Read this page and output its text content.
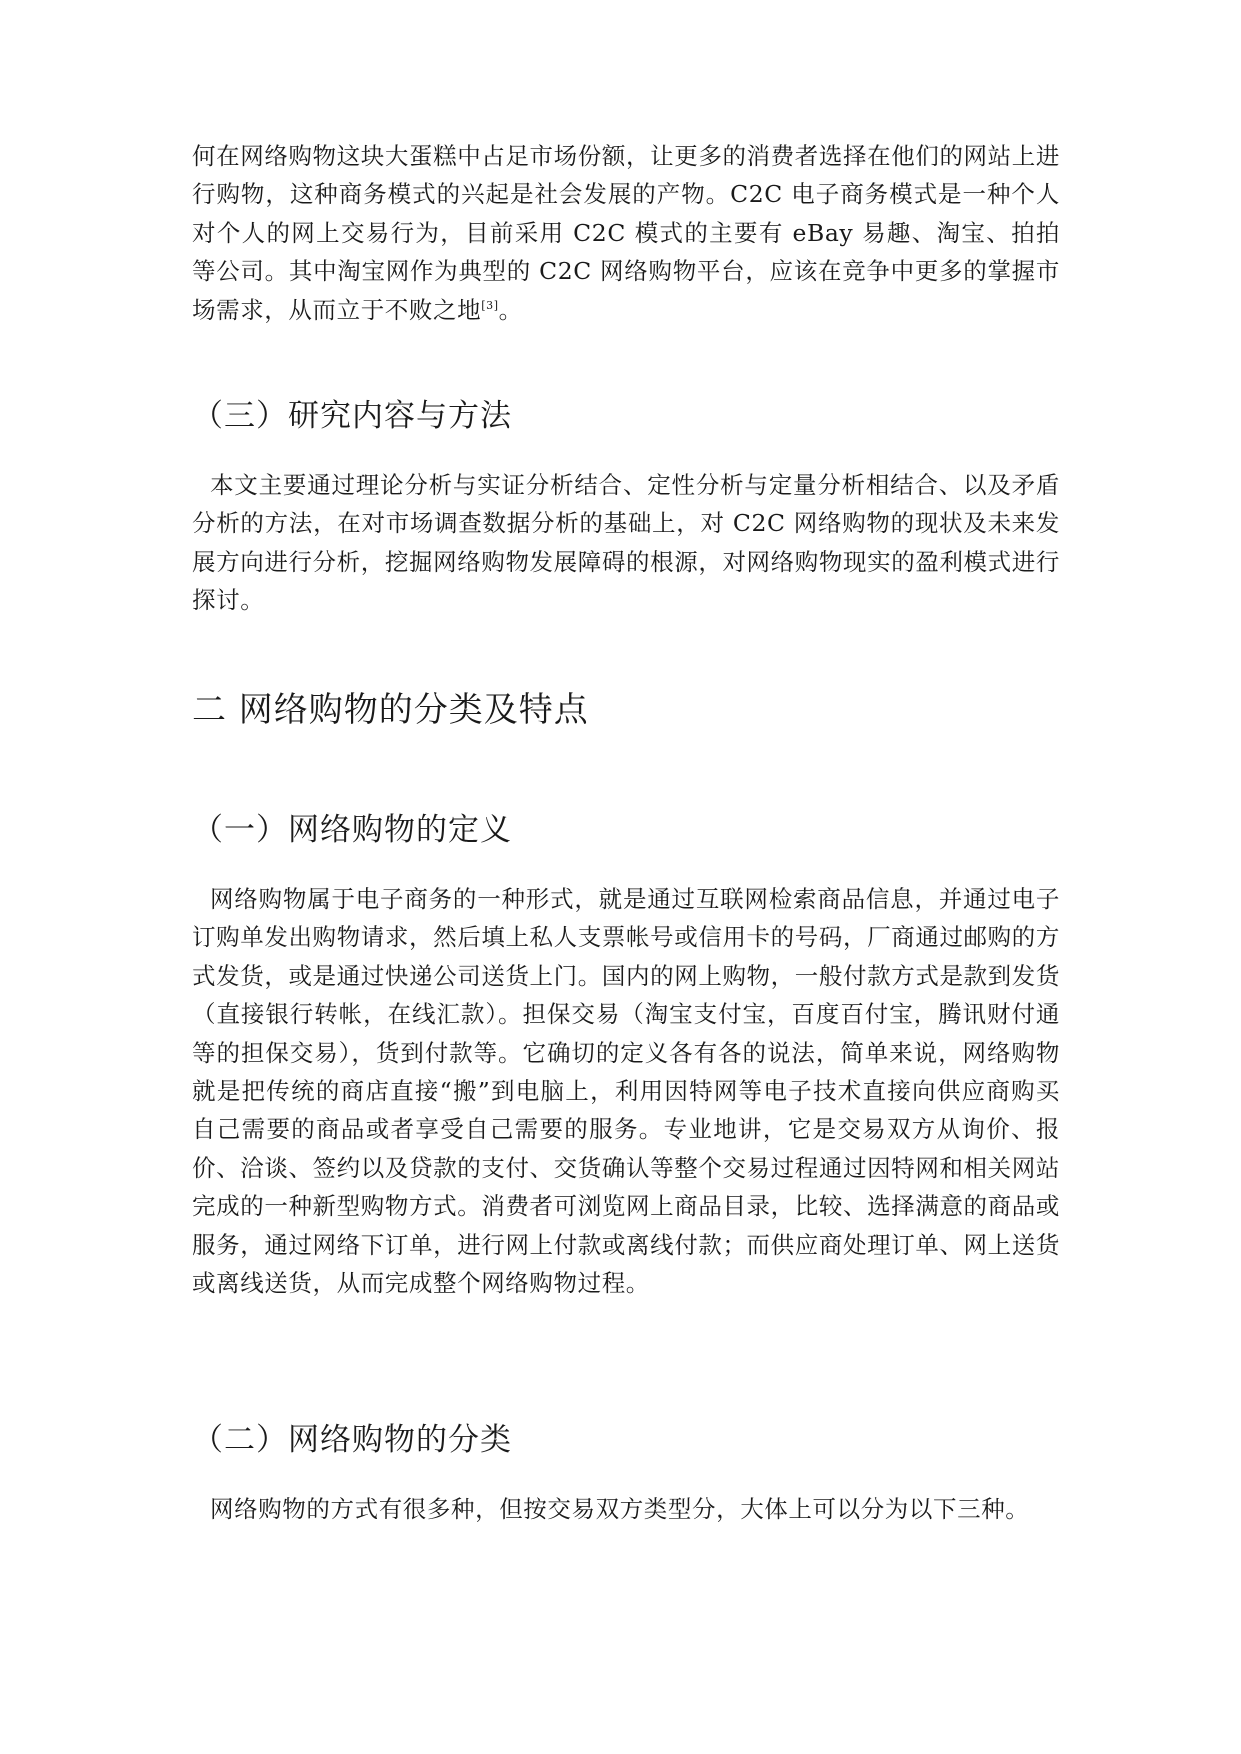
何在网络购物这块大蛋糕中占足市场份额，让更多的消费者选择在他们的网站上进行购物，这种商务模式的兴起是社会发展的产物。C2C 电子商务模式是一种个人对个人的网上交易行为，目前采用 C2C 模式的主要有 eBay 易趣、淘宝、拍拍等公司。其中淘宝网作为典型的 C2C 网络购物平台，应该在竞争中更多的掌握市场需求，从而立于不败之地[3]。

（三）研究内容与方法

本文主要通过理论分析与实证分析结合、定性分析与定量分析相结合、以及矛盾分析的方法，在对市场调查数据分析的基础上，对 C2C 网络购物的现状及未来发展方向进行分析，挖掘网络购物发展障碍的根源，对网络购物现实的盈利模式进行探讨。

二 网络购物的分类及特点
（一）网络购物的定义

网络购物属于电子商务的一种形式，就是通过互联网检索商品信息，并通过电子订购单发出购物请求，然后填上私人支票帐号或信用卡的号码，厂商通过邮购的方式发货，或是通过快递公司送货上门。国内的网上购物，一般付款方式是款到发货（直接银行转帐，在线汇款）。担保交易（淘宝支付宝，百度百付宝，腾讯财付通等的担保交易），货到付款等。它确切的定义各有各的说法，简单来说，网络购物就是把传统的商店直接“搬”到电脑上，利用因特网等电子技术直接向供应商购买自己需要的商品或者享受自己需要的服务。专业地讲，它是交易双方从询价、报价、洽谈、签约以及贷款的支付、交货确认等整个交易过程通过因特网和相关网站完成的一种新型购物方式。消费者可浏览网上商品目录，比较、选择满意的商品或服务，通过网络下订单，进行网上付款或离线付款；而供应商处理订单、网上送货或离线送货，从而完成整个网络购物过程。

（二）网络购物的分类

网络购物的方式有很多种，但按交易双方类型分，大体上可以分为以下三种。
